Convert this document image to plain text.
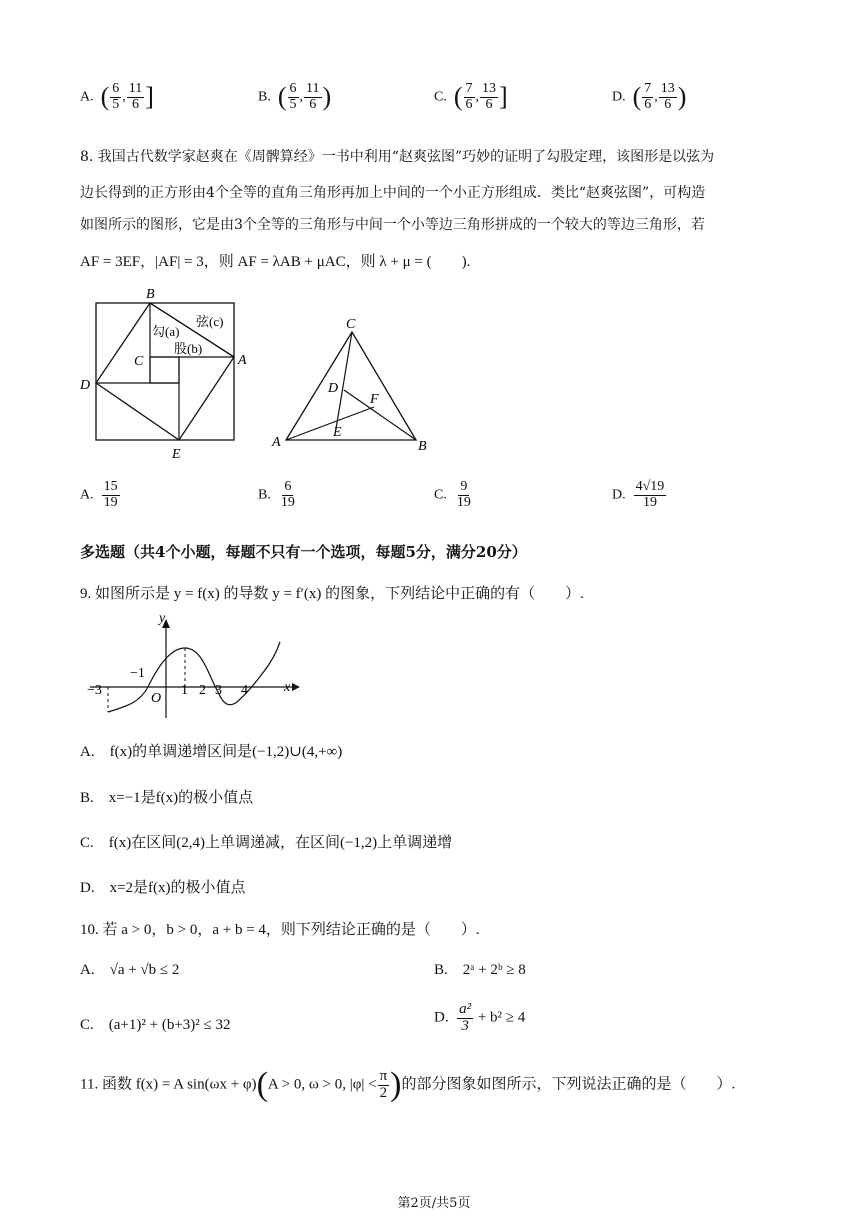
A. ( $\frac{6}{5}$ , $\frac{11}{6}$ ]	B. ( $\frac{6}{5}$ , $\frac{11}{6}$ )	C. ( $\frac{7}{6}$ , $\frac{13}{6}$ ]	D. ( $\frac{7}{6}$ , $\frac{13}{6}$ )
8. 我国古代数学家赵爽在《周髀算经》一书中利用“赵爽弦图”巧妙的证明了勾股定理，该图形是以弦为
边长得到的正方形由4个全等的直角三角形再加上中间的一个小正方形组成．类比“赵爽弦图”，可构造
如图所示的图形，它是由3个全等的三角形与中间一个小等边三角形拼成的一个较大的等边三角形，若
AF = 3EF，|AF| = 3，则 AF = λAB + μAC，则 λ + μ = (　　).
B
C
D
A
E
勾(a)
弦(c)
股(b)
C
D
F
E
A	B
A. $\frac{15}{19}$	B. $\frac{6}{19}$	C. $\frac{9}{19}$	D. $\frac{4√19}{19}$
多选题（共4个小题，每题不只有一个选项，每题5分，满分20分）
9. 如图所示是 y = f(x) 的导数 y = f′(x) 的图象，下列结论中正确的有（　　）.
y
x
O
−1
−3	1 2 3 4
A.　f(x)的单调递增区间是(−1,2)∪(4,+∞)
B.　x=−1是f(x)的极小值点
C.　f(x)在区间(2,4)上单调递减，在区间(−1,2)上单调递增
D.　x=2是f(x)的极小值点
10. 若 a > 0，b > 0，a + b = 4，则下列结论正确的是（　　）.
A.　√a + √b ≤ 2	B.　2ᵃ + 2ᵇ ≥ 8
C.　(a+1)² + (b+3)² ≤ 32	D. $\frac{\text{a²}}{3} + b^2 \ge 4$
11. 函数 f(x) = A sin(ωx + φ)(A > 0, ω > 0, $|\varphi| < \frac{\pi}{2}$ )的部分图象如图所示，下列说法正确的是（　　）.
第2页/共5页
